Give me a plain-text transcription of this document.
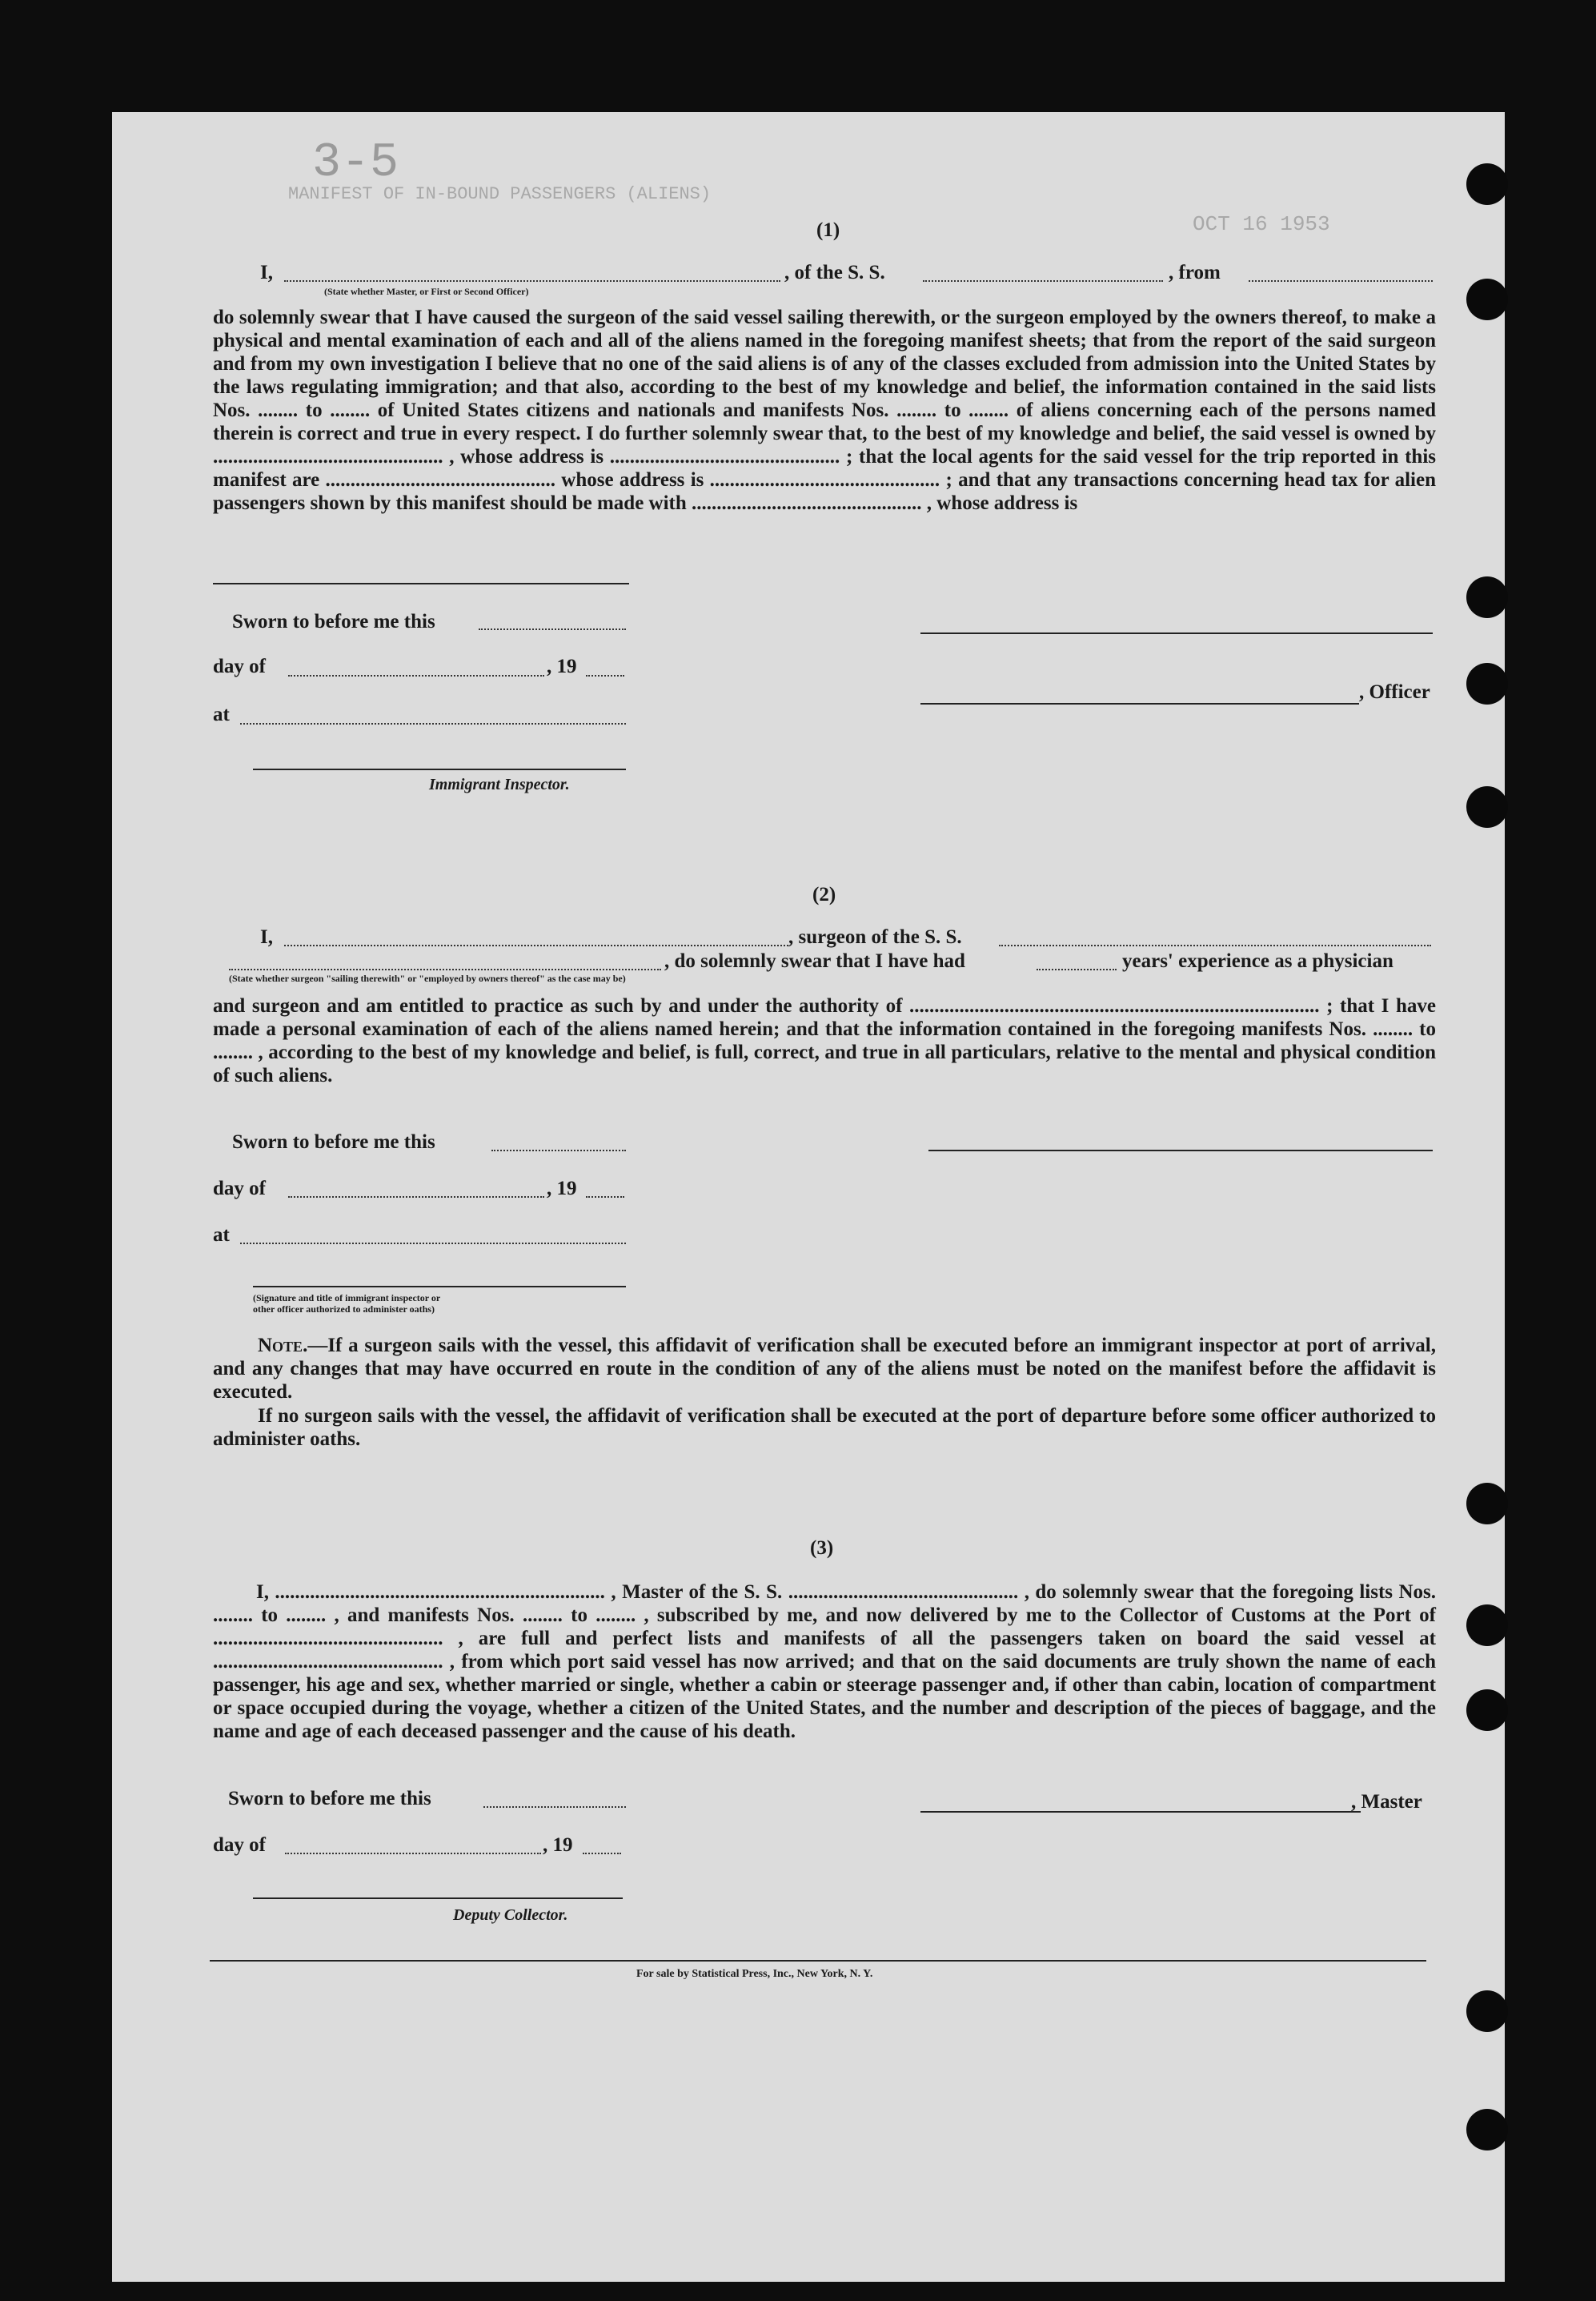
3-5
MANIFEST OF IN-BOUND PASSENGERS (ALIENS)
OCT 16 1953
(1)
I,	, of the S. S.	, from
(State whether Master, or First or Second Officer)
do solemnly swear that I have caused the surgeon of the said vessel sailing therewith, or the surgeon employed by the owners thereof, to make a physical and mental examination of each and all of the aliens named in the foregoing manifest sheets; that from the report of the said surgeon and from my own investigation I believe that no one of the said aliens is of any of the classes excluded from admission into the United States by the laws regulating immigration; and that also, according to the best of my knowledge and belief, the information contained in the said lists Nos. ........ to ........ of United States citizens and nationals and manifests Nos. ........ to ........ of aliens concerning each of the persons named therein is correct and true in every respect. I do further solemnly swear that, to the best of my knowledge and belief, the said vessel is owned by .............................................. , whose address is .............................................. ; that the local agents for the said vessel for the trip reported in this manifest are .............................................. whose address is .............................................. ; and that any transactions concerning head tax for alien passengers shown by this manifest should be made with .............................................. , whose address is
Sworn to before me this
day of	, 19
, Officer
at
Immigrant Inspector.
(2)
I,	, surgeon of the S. S.
, do solemnly swear that I have had	years' experience as a physician
(State whether surgeon "sailing therewith" or "employed by owners thereof" as the case may be)
and surgeon and am entitled to practice as such by and under the authority of .................................................................................. ; that I have made a personal examination of each of the aliens named herein; and that the information contained in the foregoing manifests Nos. ........ to ........ , according to the best of my knowledge and belief, is full, correct, and true in all particulars, relative to the mental and physical condition of such aliens.
Sworn to before me this
day of	, 19
at
(Signature and title of immigrant inspector or
other officer authorized to administer oaths)
Note.—If a surgeon sails with the vessel, this affidavit of verification shall be executed before an immigrant inspector at port of arrival, and any changes that may have occurred en route in the condition of any of the aliens must be noted on the manifest before the affidavit is executed.
If no surgeon sails with the vessel, the affidavit of verification shall be executed at the port of departure before some officer authorized to administer oaths.
(3)
I, .................................................................. , Master of the S. S. .............................................. , do solemnly swear that the foregoing lists Nos. ........ to ........ , and manifests Nos. ........ to ........ , subscribed by me, and now delivered by me to the Collector of Customs at the Port of .............................................. , are full and perfect lists and manifests of all the passengers taken on board the said vessel at .............................................. , from which port said vessel has now arrived; and that on the said documents are truly shown the name of each passenger, his age and sex, whether married or single, whether a cabin or steerage passenger and, if other than cabin, location of compartment or space occupied during the voyage, whether a citizen of the United States, and the number and description of the pieces of baggage, and the name and age of each deceased passenger and the cause of his death.
Sworn to before me this	, Master
day of	, 19
Deputy Collector.
For sale by Statistical Press, Inc., New York, N. Y.
